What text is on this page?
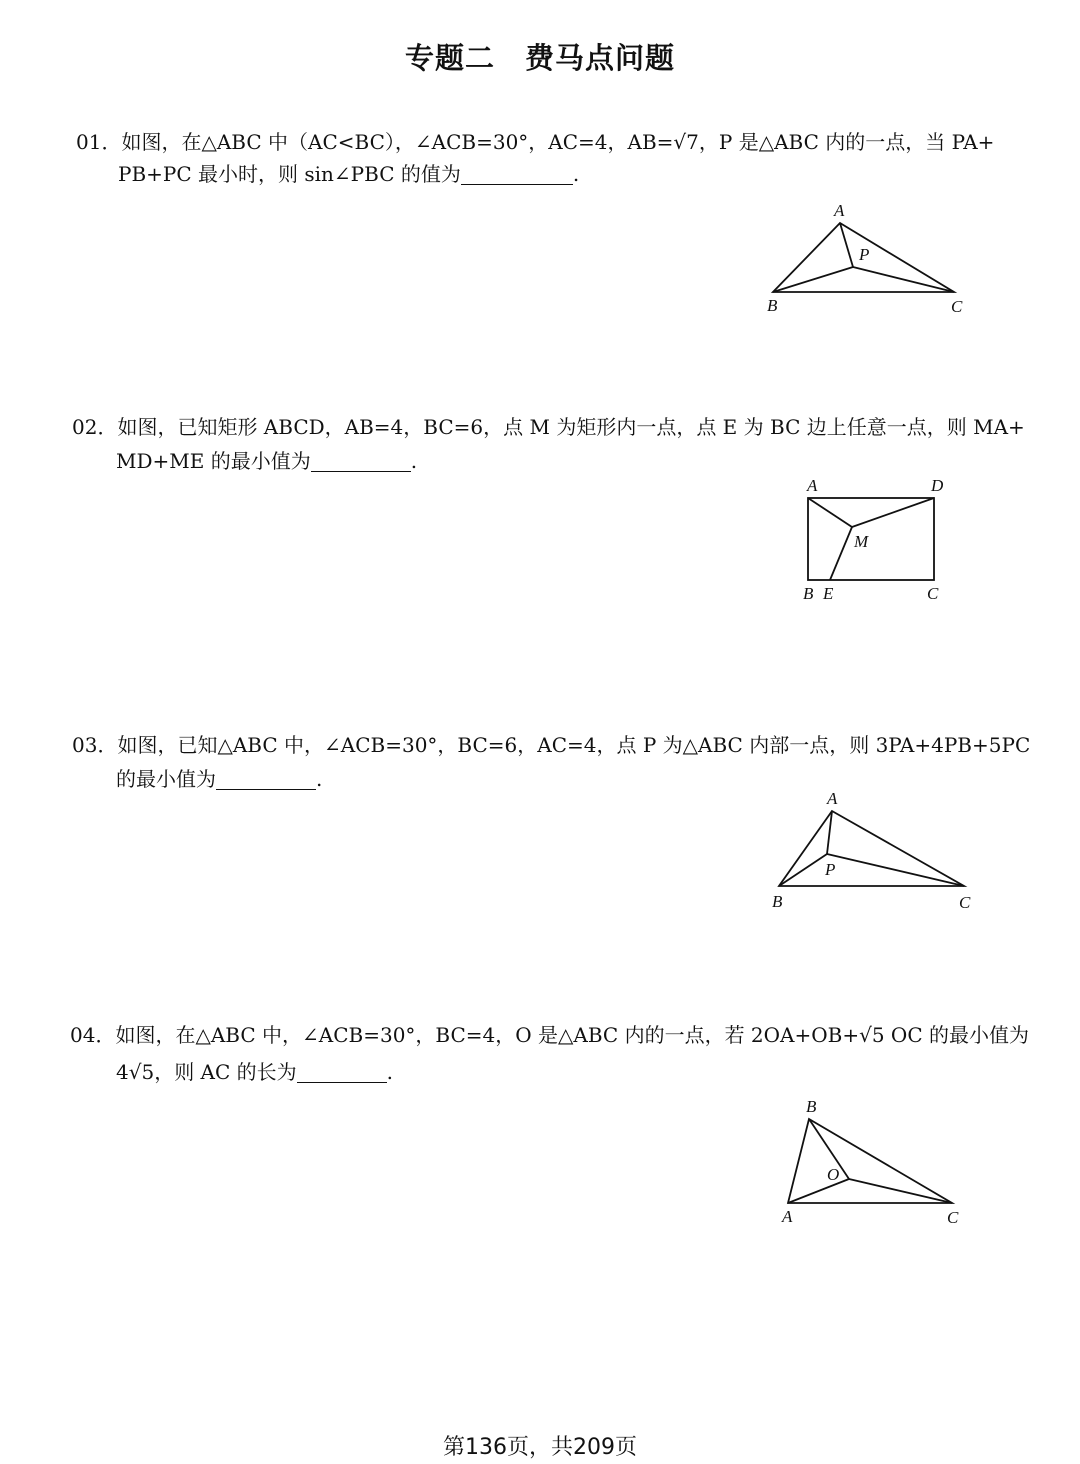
专题二　费马点问题
01．如图，在△ABC 中（AC<BC），∠ACB=30°，AC=4，AB=√7，P 是△ABC 内的一点，当 PA+
PB+PC 最小时，则 sin∠PBC 的值为	.
A
B	C
P
02．如图，已知矩形 ABCD，AB=4，BC=6，点 M 为矩形内一点，点 E 为 BC 边上任意一点，则 MA+
MD+ME 的最小值为	.
A	D
B E	C
M
03．如图，已知△ABC 中，∠ACB=30°，BC=6，AC=4，点 P 为△ABC 内部一点，则 3PA+4PB+5PC
的最小值为	.
A
B	C
P
04．如图，在△ABC 中，∠ACB=30°，BC=4，O 是△ABC 内的一点，若 2OA+OB+√5 OC 的最小值为
4√5，则 AC 的长为	.
B
A	C
O
第136页，共209页
